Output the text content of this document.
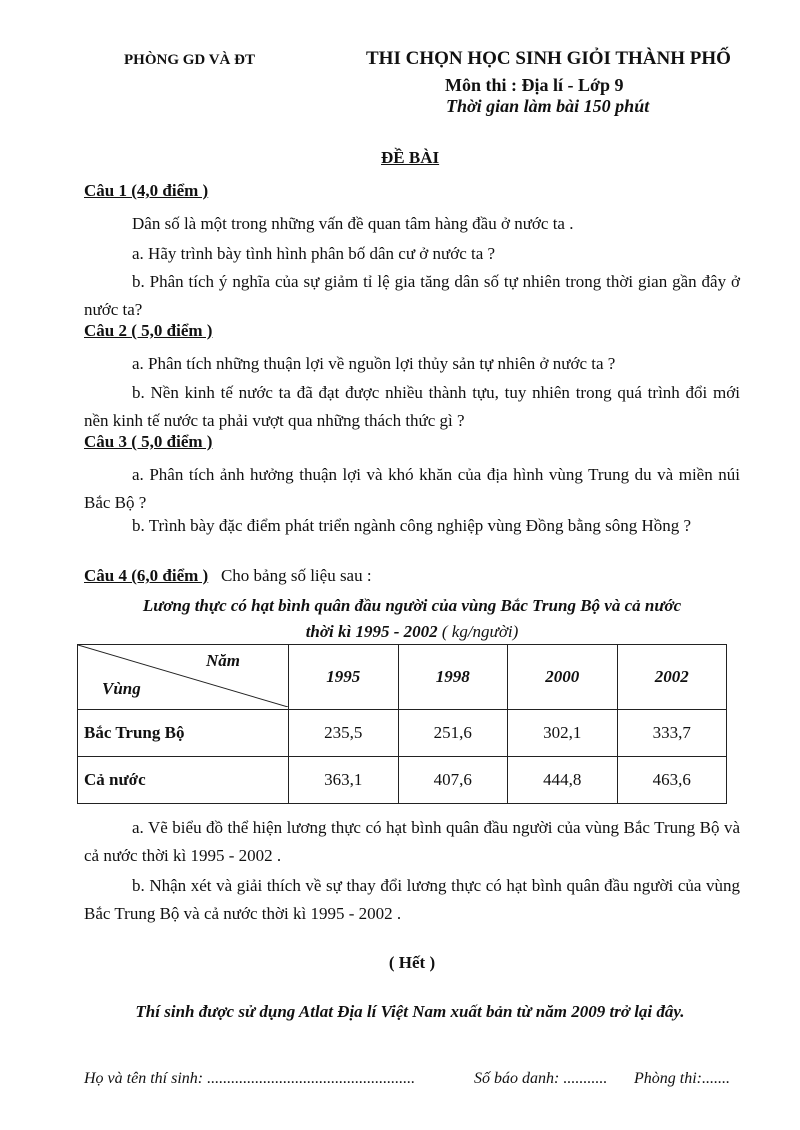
PHÒNG GD VÀ ĐT	THI CHỌN HỌC SINH GIỎI THÀNH PHỐ
Môn thi : Địa lí - Lớp 9
Thời gian làm bài 150 phút
ĐỀ BÀI
Câu 1 (4,0 điểm )
Dân số là một trong những vấn đề quan tâm hàng đầu ở nước ta .
a. Hãy trình bày tình hình phân bố dân cư ở nước ta ?
b. Phân tích ý nghĩa của sự giảm tỉ lệ gia tăng dân số tự nhiên trong thời gian gần đây ở nước ta?
Câu 2 ( 5,0 điểm )
a. Phân tích những thuận lợi về nguồn lợi thủy sản tự nhiên ở nước ta ?
b. Nền kinh tế nước ta đã đạt được nhiều thành tựu, tuy nhiên trong quá trình đổi mới nền kinh tế nước ta phải vượt qua những thách thức gì ?
Câu 3 ( 5,0 điểm )
a. Phân tích ảnh hưởng thuận lợi và khó khăn của địa hình vùng Trung du và miền núi Bắc Bộ ?
b. Trình bày đặc điểm phát triển ngành công nghiệp vùng Đồng bằng sông Hồng ?
Câu 4 (6,0 điểm ) Cho bảng số liệu sau :
Lương thực có hạt bình quân đầu người của vùng Bắc Trung Bộ và cả nước
thời kì 1995 - 2002 ( kg/người)
Năm
Vùng	1995	1998	2000	2002
Bắc Trung Bộ	235,5	251,6	302,1	333,7
Cả nước	363,1	407,6	444,8	463,6
a. Vẽ biểu đồ thể hiện lương thực có hạt bình quân đầu người của vùng Bắc Trung Bộ và cả nước thời kì 1995 - 2002 .
b. Nhận xét và giải thích về sự thay đổi lương thực có hạt bình quân đầu người của vùng Bắc Trung Bộ và cả nước thời kì 1995 - 2002 .
( Hết )
Thí sinh được sử dụng Atlat Địa lí Việt Nam xuất bản từ năm 2009 trở lại đây.
Họ và tên thí sinh: ....................................................	Số báo danh: ........... Phòng thi:.......
